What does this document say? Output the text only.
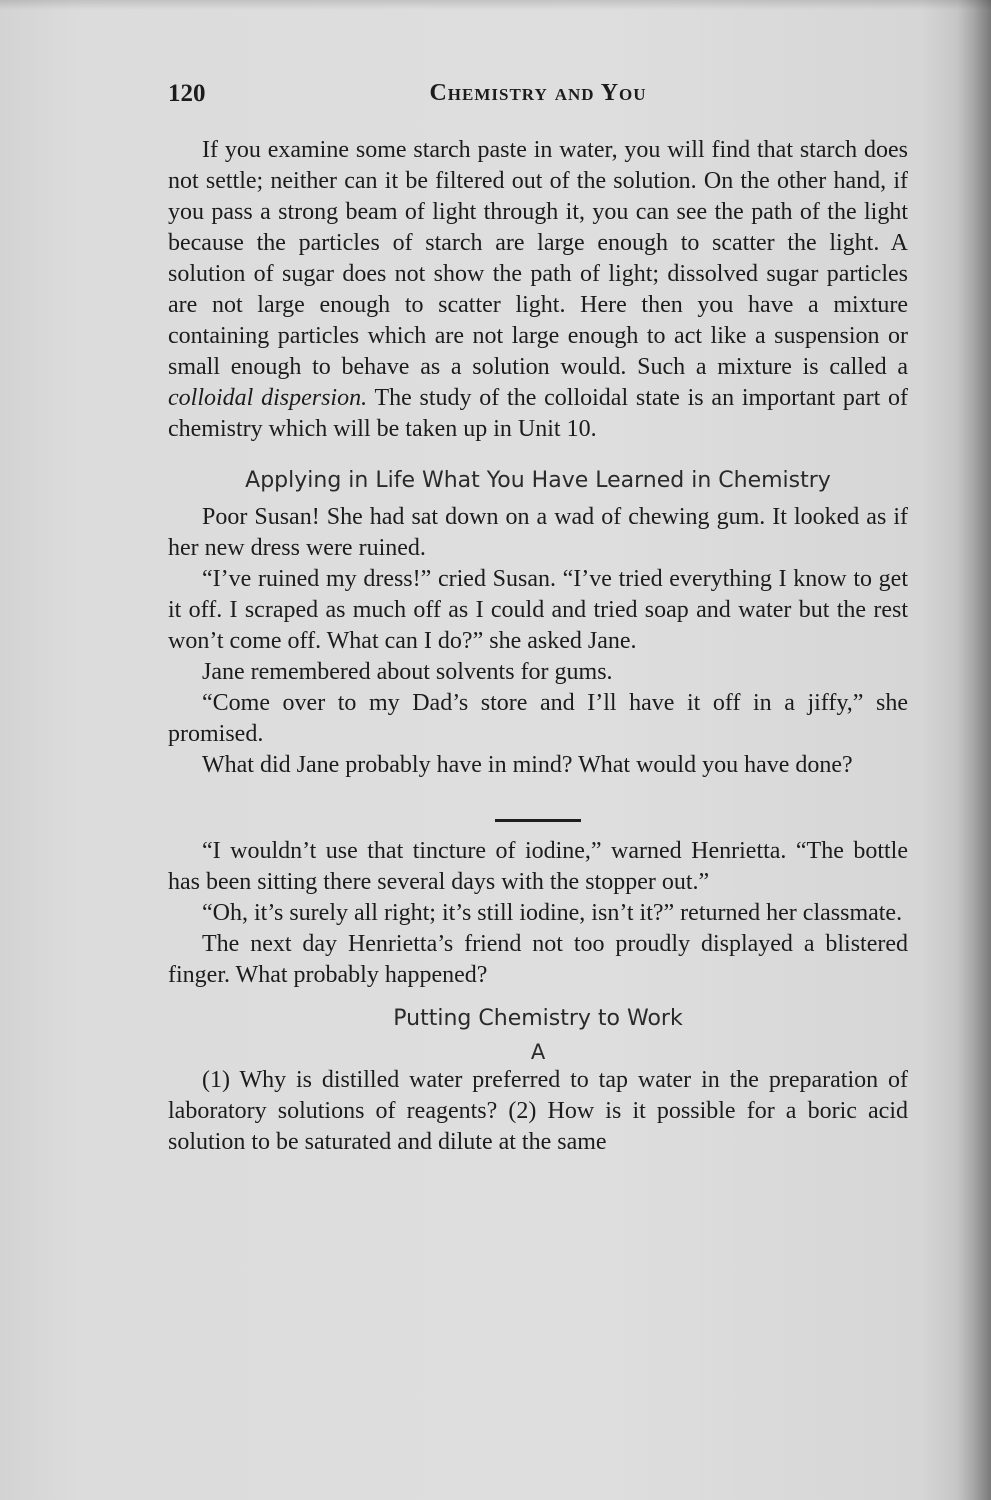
120	Chemistry and You

If you examine some starch paste in water, you will find that starch does not settle; neither can it be filtered out of the solution. On the other hand, if you pass a strong beam of light through it, you can see the path of the light because the particles of starch are large enough to scatter the light. A solution of sugar does not show the path of light; dissolved sugar particles are not large enough to scatter light. Here then you have a mixture containing particles which are not large enough to act like a suspension or small enough to behave as a solution would. Such a mixture is called a colloidal dispersion. The study of the colloidal state is an important part of chemistry which will be taken up in Unit 10.

Applying in Life What You Have Learned in Chemistry

Poor Susan! She had sat down on a wad of chewing gum. It looked as if her new dress were ruined.

“I’ve ruined my dress!” cried Susan. “I’ve tried everything I know to get it off. I scraped as much off as I could and tried soap and water but the rest won’t come off. What can I do?” she asked Jane.

Jane remembered about solvents for gums.

“Come over to my Dad’s store and I’ll have it off in a jiffy,” she promised.

What did Jane probably have in mind? What would you have done?

“I wouldn’t use that tincture of iodine,” warned Henrietta. “The bottle has been sitting there several days with the stopper out.”

“Oh, it’s surely all right; it’s still iodine, isn’t it?” returned her classmate.

The next day Henrietta’s friend not too proudly displayed a blistered finger. What probably happened?

Putting Chemistry to Work
A

(1) Why is distilled water preferred to tap water in the preparation of laboratory solutions of reagents? (2) How is it possible for a boric acid solution to be saturated and dilute at the same
